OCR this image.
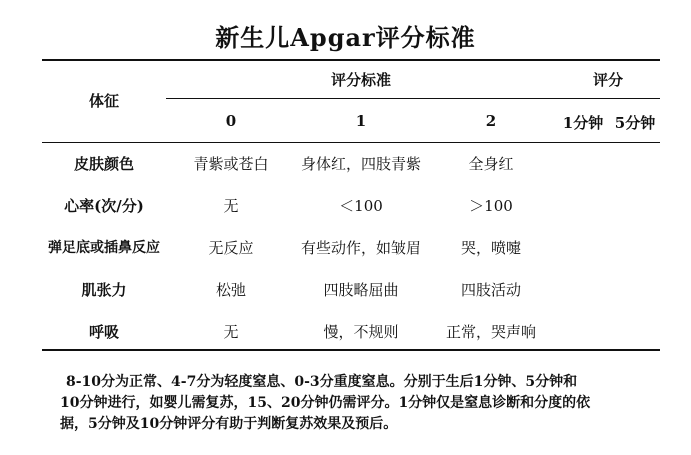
新生儿Apgar评分标准
体征
评分标准	评分
0	1	2	1分钟 5分钟
皮肤颜色	青紫或苍白	身体红，四肢青紫	全身红
心率(次/分)	无	＜100	＞100
弹足底或插鼻反应	无反应	有些动作，如皱眉	哭，喷嚏
肌张力	松弛	四肢略屈曲	四肢活动
呼吸	无	慢，不规则	正常，哭声响

8-10分为正常、4-7分为轻度窒息、0-3分重度窒息。分别于生后1分钟、5分钟和

10分钟进行，如婴儿需复苏，15、20分钟仍需评分。1分钟仅是窒息诊断和分度的依

据，5分钟及10分钟评分有助于判断复苏效果及预后。
